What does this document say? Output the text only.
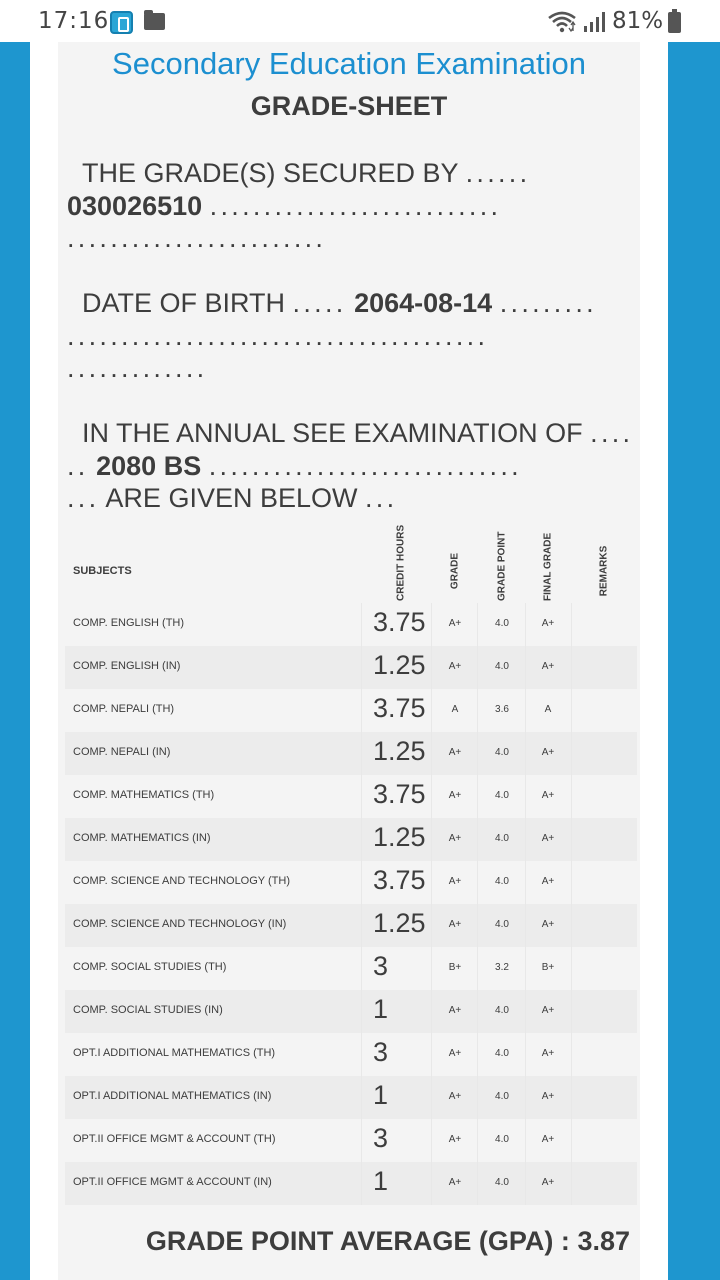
17:16	81%
Secondary Education Examination
GRADE-SHEET
THE GRADE(S) SECURED BY ......
030026510 ...........................
........................
DATE OF BIRTH ..... 2064-08-14 .........
.......................................
.............
IN THE ANNUAL SEE EXAMINATION OF ....
.. 2080 BS .............................
... ARE GIVEN BELOW ...
SUBJECTS	CREDIT HOURS	GRADE	GRADE POINT	FINAL GRADE	REMARKS
COMP. ENGLISH (TH)	3.75 A+	4.0	A+
COMP. ENGLISH (IN)	1.25 A+	4.0	A+
COMP. NEPALI (TH)	3.75	A	3.6	A
COMP. NEPALI (IN)	1.25 A+	4.0	A+
COMP. MATHEMATICS (TH)	3.75 A+	4.0	A+
COMP. MATHEMATICS (IN)	1.25 A+	4.0	A+
COMP. SCIENCE AND TECHNOLOGY (TH)	3.75 A+	4.0	A+
COMP. SCIENCE AND TECHNOLOGY (IN)	1.25 A+	4.0	A+
COMP. SOCIAL STUDIES (TH)	3	B+	3.2	B+
COMP. SOCIAL STUDIES (IN)	1	A+	4.0	A+
OPT.I ADDITIONAL MATHEMATICS (TH)	3	A+	4.0	A+
OPT.I ADDITIONAL MATHEMATICS (IN)	1	A+	4.0	A+
OPT.II OFFICE MGMT & ACCOUNT (TH)	3	A+	4.0	A+
OPT.II OFFICE MGMT & ACCOUNT (IN)	1	A+	4.0	A+
GRADE POINT AVERAGE (GPA) : 3.87
